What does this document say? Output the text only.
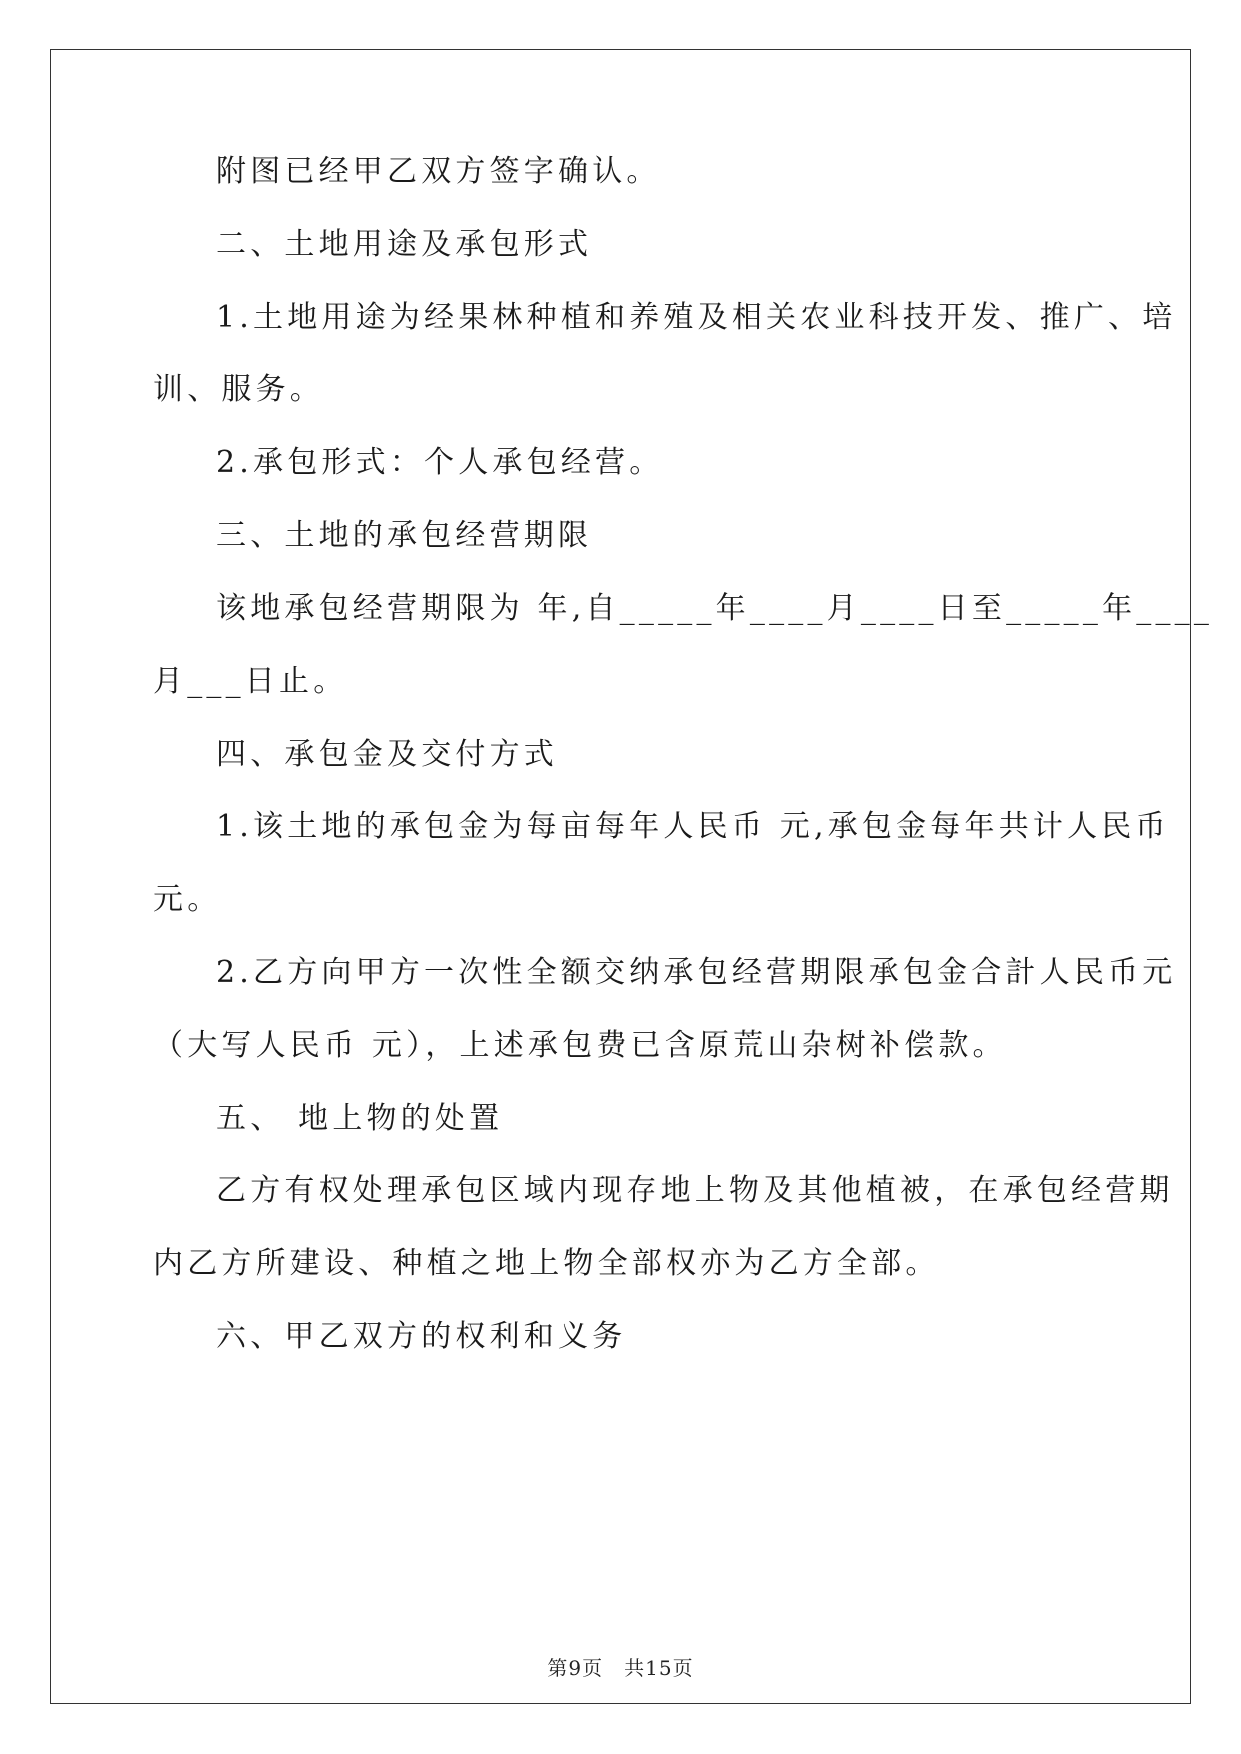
附图已经甲乙双方签字确认。
二、土地用途及承包形式
1.土地用途为经果林种植和养殖及相关农业科技开发、推广、培
训、服务。
2.承包形式：个人承包经营。
三、土地的承包经营期限
该地承包经营期限为 年,自_____年____月____日至_____年____
月___日止。
四、承包金及交付方式
1.该土地的承包金为每亩每年人民币 元,承包金每年共计人民币
元。
2.乙方向甲方一次性全额交纳承包经营期限承包金合計人民币元
（大写人民币 元），上述承包费已含原荒山杂树补偿款。
五、 地上物的处置
乙方有权处理承包区域内现存地上物及其他植被，在承包经营期
内乙方所建设、种植之地上物全部权亦为乙方全部。
六、甲乙双方的权利和义务
第9页　共15页
